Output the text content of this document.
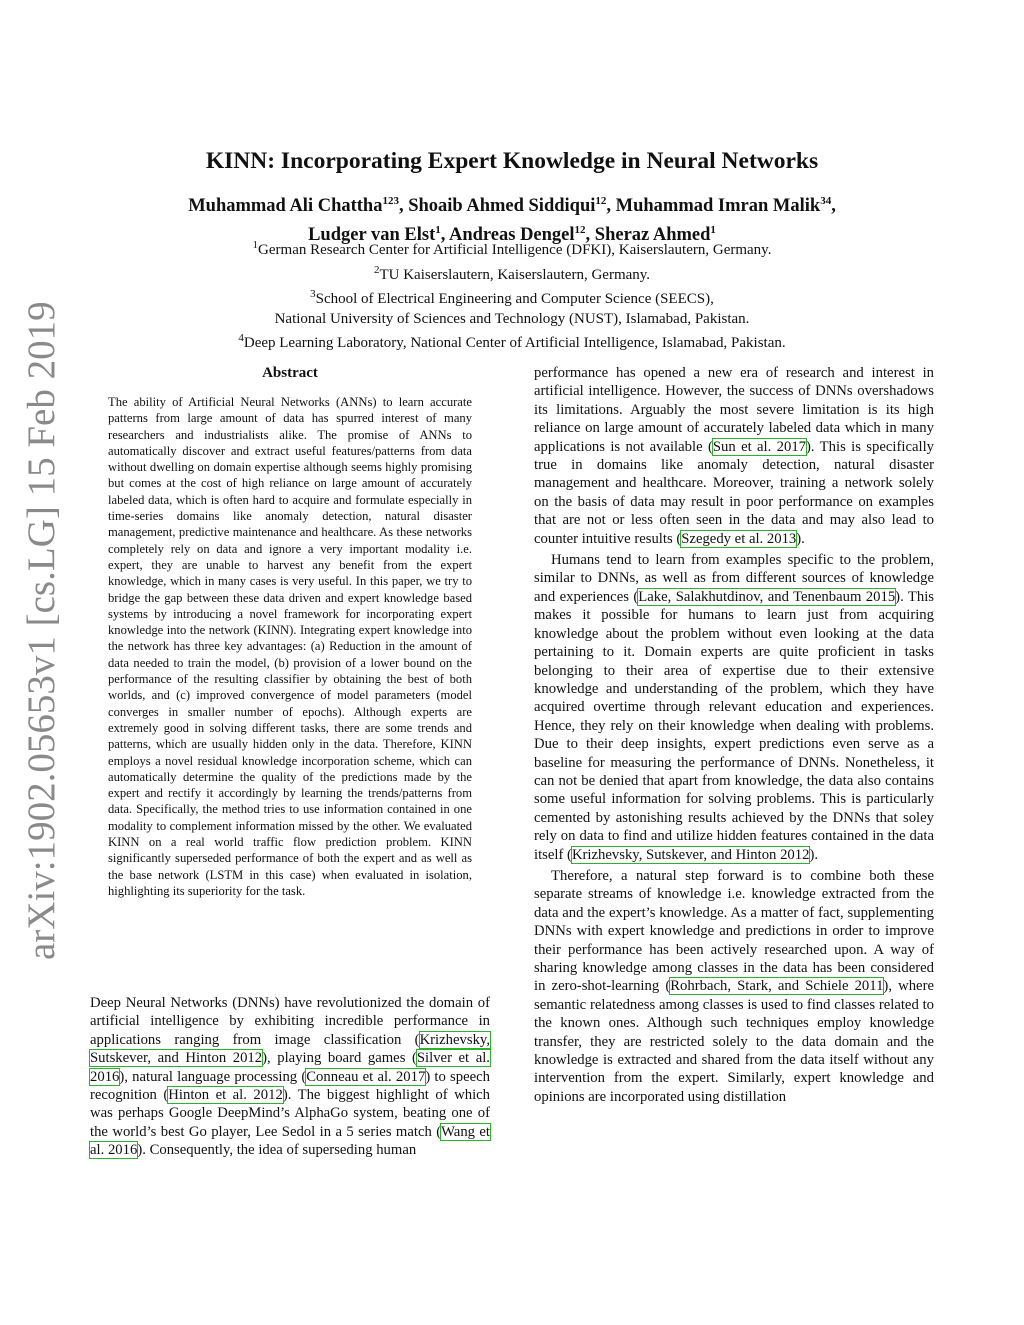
arXiv:1902.05653v1 [cs.LG] 15 Feb 2019
KINN: Incorporating Expert Knowledge in Neural Networks
Muhammad Ali Chattha$^{123}$, Shoaib Ahmed Siddiqui$^{12}$, Muhammad Imran Malik$^{34}$,
Ludger van Elst$^1$, Andreas Dengel$^{12}$, Sheraz Ahmed$^1$

$^1$German Research Center for Artificial Intelligence (DFKI), Kaiserslautern, Germany.

$^2$TU Kaiserslautern, Kaiserslautern, Germany.

$^3$School of Electrical Engineering and Computer Science (SEECS),

National University of Sciences and Technology (NUST), Islamabad, Pakistan.

$^4$Deep Learning Laboratory, National Center of Artificial Intelligence, Islamabad, Pakistan.

Abstract

The ability of Artificial Neural Networks (ANNs) to learn accurate patterns from large amount of data has spurred interest of many researchers and industrialists alike. The promise of ANNs to automatically discover and extract useful features/patterns from data without dwelling on domain expertise although seems highly promising but comes at the cost of high reliance on large amount of accurately labeled data, which is often hard to acquire and formulate especially in time-series domains like anomaly detection, natural disaster management, predictive maintenance and healthcare. As these networks completely rely on data and ignore a very important modality i.e. expert, they are unable to harvest any benefit from the expert knowledge, which in many cases is very useful. In this paper, we try to bridge the gap between these data driven and expert knowledge based systems by introducing a novel framework for incorporating expert knowledge into the network (KINN). Integrating expert knowledge into the network has three key advantages: (a) Reduction in the amount of data needed to train the model, (b) provision of a lower bound on the performance of the resulting classifier by obtaining the best of both worlds, and (c) improved convergence of model parameters (model converges in smaller number of epochs). Although experts are extremely good in solving different tasks, there are some trends and patterns, which are usually hidden only in the data. Therefore, KINN employs a novel residual knowledge incorporation scheme, which can automatically determine the quality of the predictions made by the expert and rectify it accordingly by learning the trends/patterns from data. Specifically, the method tries to use information contained in one modality to complement information missed by the other. We evaluated KINN on a real world traffic flow prediction problem. KINN significantly superseded performance of both the expert and as well as the base network (LSTM in this case) when evaluated in isolation, highlighting its superiority for the task.

Deep Neural Networks (DNNs) have revolutionized the domain of artificial intelligence by exhibiting incredible performance in applications ranging from image classification (Krizhevsky, Sutskever, and Hinton 2012), playing board games (Silver et al. 2016), natural language processing (Conneau et al. 2017) to speech recognition (Hinton et al. 2012). The biggest highlight of which was perhaps Google DeepMind’s AlphaGo system, beating one of the world’s best Go player, Lee Sedol in a 5 series match (Wang et al. 2016). Consequently, the idea of superseding human

performance has opened a new era of research and interest in artificial intelligence. However, the success of DNNs overshadows its limitations. Arguably the most severe limitation is its high reliance on large amount of accurately labeled data which in many applications is not available (Sun et al. 2017). This is specifically true in domains like anomaly detection, natural disaster management and healthcare. Moreover, training a network solely on the basis of data may result in poor performance on examples that are not or less often seen in the data and may also lead to counter intuitive results (Szegedy et al. 2013).

Humans tend to learn from examples specific to the problem, similar to DNNs, as well as from different sources of knowledge and experiences (Lake, Salakhutdinov, and Tenenbaum 2015). This makes it possible for humans to learn just from acquiring knowledge about the problem without even looking at the data pertaining to it. Domain experts are quite proficient in tasks belonging to their area of expertise due to their extensive knowledge and understanding of the problem, which they have acquired overtime through relevant education and experiences. Hence, they rely on their knowledge when dealing with problems. Due to their deep insights, expert predictions even serve as a baseline for measuring the performance of DNNs. Nonetheless, it can not be denied that apart from knowledge, the data also contains some useful information for solving problems. This is particularly cemented by astonishing results achieved by the DNNs that soley rely on data to find and utilize hidden features contained in the data itself (Krizhevsky, Sutskever, and Hinton 2012).

Therefore, a natural step forward is to combine both these separate streams of knowledge i.e. knowledge extracted from the data and the expert’s knowledge. As a matter of fact, supplementing DNNs with expert knowledge and predictions in order to improve their performance has been actively researched upon. A way of sharing knowledge among classes in the data has been considered in zero-shot-learning (Rohrbach, Stark, and Schiele 2011), where semantic relatedness among classes is used to find classes related to the known ones. Although such techniques employ knowledge transfer, they are restricted solely to the data domain and the knowledge is extracted and shared from the data itself without any intervention from the expert. Similarly, expert knowledge and opinions are incorporated using distillation
